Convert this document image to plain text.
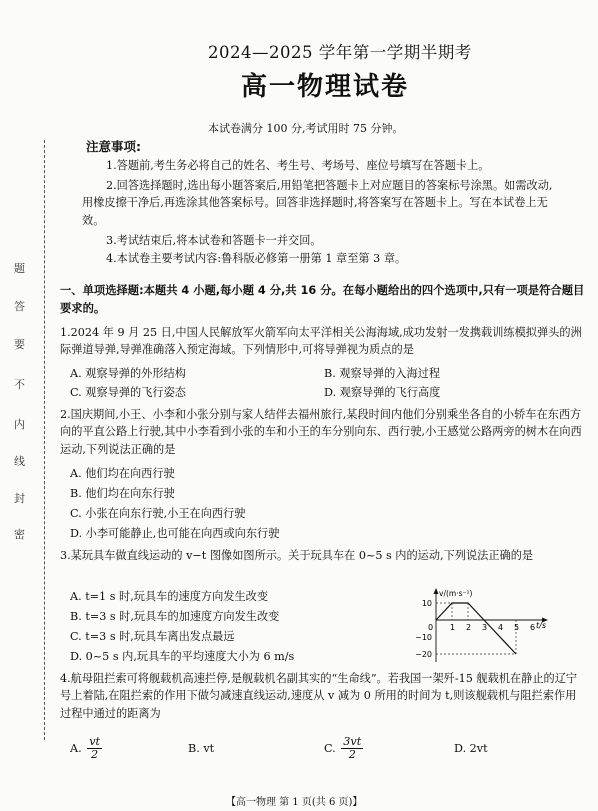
题
答
要
不
内
线
封
密
2024—2025 学年第一学期半期考
高一物理试卷
本试卷满分 100 分,考试用时 75 分钟。
注意事项:
1.答题前,考生务必将自己的姓名、考生号、考场号、座位号填写在答题卡上。
2.回答选择题时,选出每小题答案后,用铅笔把答题卡上对应题目的答案标号涂黑。如需改动,用橡皮擦干净后,再选涂其他答案标号。回答非选择题时,将答案写在答题卡上。写在本试卷上无效。
3.考试结束后,将本试卷和答题卡一并交回。
4.本试卷主要考试内容:鲁科版必修第一册第 1 章至第 3 章。
一、单项选择题:本题共 4 小题,每小题 4 分,共 16 分。在每小题给出的四个选项中,只有一项是符合题目要求的。
1.2024 年 9 月 25 日,中国人民解放军火箭军向太平洋相关公海海域,成功发射一发携载训练模拟弹头的洲际弹道导弹,导弹准确落入预定海域。下列情形中,可将导弹视为质点的是
A. 观察导弹的外形结构	B. 观察导弹的入海过程
C. 观察导弹的飞行姿态	D. 观察导弹的飞行高度
2.国庆期间,小王、小李和小张分别与家人结伴去福州旅行,某段时间内他们分别乘坐各自的小轿车在东西方向的平直公路上行驶,其中小李看到小张的车和小王的车分别向东、西行驶,小王感觉公路两旁的树木在向西运动,下列说法正确的是
A. 他们均在向西行驶
B. 他们均在向东行驶
C. 小张在向东行驶,小王在向西行驶
D. 小李可能静止,也可能在向西或向东行驶
3.某玩具车做直线运动的 v−t 图像如图所示。关于玩具车在 0~5 s 内的运动,下列说法正确的是
A. t=1 s 时,玩具车的速度方向发生改变
B. t=3 s 时,玩具车的加速度方向发生改变
C. t=3 s 时,玩具车离出发点最远
D. 0~5 s 内,玩具车的平均速度大小为 6 m/s
4.航母阻拦索可将舰载机高速拦停,是舰载机名副其实的“生命线”。若我国一架歼-15 舰载机在静止的辽宁号上着陆,在阻拦索的作用下做匀减速直线运动,速度从 v 减为 0 所用的时间为 t,则该舰载机与阻拦索作用过程中通过的距离为
A. $\frac{vt}{2}$	B. vt	C. $\frac{3vt}{2}$	D. 2vt
【高一物理 第 1 页(共 6 页)】
0 1 2 3 4 5 6
10
−10
−20
v/(m·s⁻¹)
t/s
